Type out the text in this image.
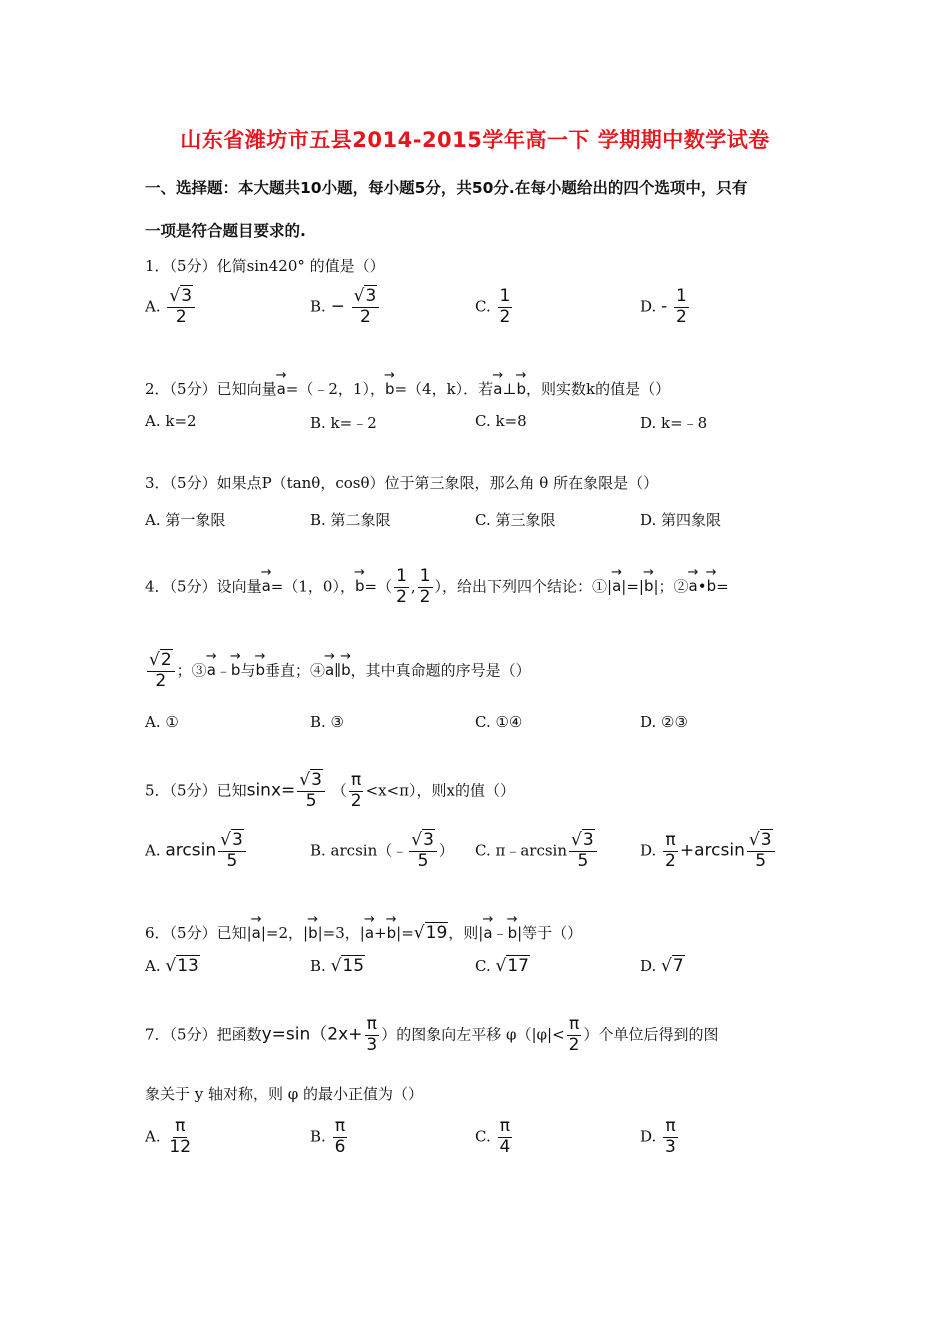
山东省潍坊市五县2014-2015学年高一下 学期期中数学试卷
一、选择题：本大题共10小题，每小题5分，共50分.在每小题给出的四个选项中，只有
一项是符合题目要求的.
1．（5分）化简sin420° 的值是（）
A. $\frac{√3}{2}$	B. − $\frac{√3}{2}$	C. $\frac{1}{2}$	D. - $\frac{1}{2}$
2．（5分）已知向量→ a=（﹣2，1），→ b=（4，k）．若→ a⊥→ b，则实数k的值是（）
A. k=2	B. k=﹣2	C. k=8	D. k=﹣8
3．（5分）如果点P（tanθ，cosθ）位于第三象限，那么角 θ 所在象限是（）
A. 第一象限	B. 第二象限	C. 第三象限	D. 第四象限
4．（5分）设向量→ a=（1，0），→ $b=( \frac{1}{2}$ , $\frac{1}{2}$ ），给出下列四个结论：①|→ a|=|→ b|；②→ a•→ b=
$\frac{√2}{2}$ ；③→ a﹣→ b与→ b垂直；④→ a∥→ b，其中真命题的序号是（）
A. ①	B. ③	C. ①④	D. ②③
5．（5分）已知$\sin x= \frac{√3}{5}$ （ $\frac{\pi}{2} <x<\pi$），则x的值（）
A. $\arcsin \frac{√3}{5}$	B. arcsin（﹣ $\frac{√3}{5}$ ） C. π﹣arcsin $\frac{√3}{5}$	D. $\frac{\pi}{2} +\arcsin \frac{√3}{5}$
6．（5分）已知|→ a|=2，|→ b|=3，|→ a+→ b|=√19，则|→ a﹣→ b|等于（）
A. √13	B. √15	C. √17	D. √7
7．（5分）把函数$y=\sin(2x+ \frac{\pi}{3}$ ）的图象向左平移 $\varphi(|\varphi|< \frac{\pi}{2}$ ）个单位后得到的图
象关于 y 轴对称，则 φ 的最小正值为（）
A. $\frac{\pi}{12}$	B. $\frac{\pi}{6}$	C. $\frac{\pi}{4}$	D. $\frac{\pi}{3}$
